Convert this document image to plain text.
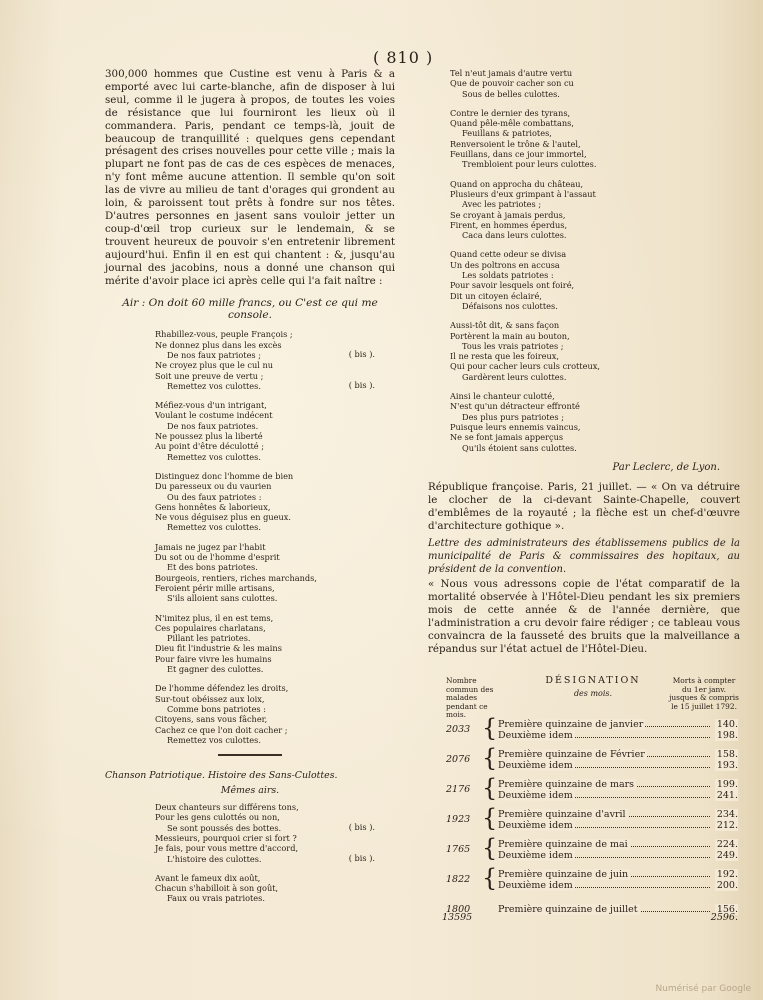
( 810 )

300,000 hommes que Custine est venu à Paris & a emporté avec lui carte-blanche, afin de disposer à lui seul, comme il le jugera à propos, de toutes les voies de résistance que lui fourniront les lieux où il commandera. Paris, pendant ce temps-là, jouit de beaucoup de tranquillité : quelques gens cependant présagent des crises nouvelles pour cette ville ; mais la plupart ne font pas de cas de ces espèces de menaces, n'y font même aucune attention. Il semble qu'on soit las de vivre au milieu de tant d'orages qui grondent au loin, & paroissent tout prêts à fondre sur nos têtes. D'autres personnes en jasent sans vouloir jetter un coup-d'œil trop curieux sur le lendemain, & se trouvent heureux de pouvoir s'en entretenir librement aujourd'hui. Enfin il en est qui chantent : &, jusqu'au journal des jacobins, nous a donné une chanson qui mérite d'avoir place ici après celle qui l'a fait naître :

Air : On doit 60 mille francs, ou C'est ce qui me console.
Rhabillez-vous, peuple François ;
Ne donnez plus dans les excès
De nos faux patriotes ;
Ne croyez plus que le cul nu
Soit une preuve de vertu ;
Remettez vos culottes.
( bis ).
( bis ).
Méfiez-vous d'un intrigant,
Voulant le costume indécent
De nos faux patriotes.
Ne poussez plus la liberté
Au point d'être déculotté ;
Remettez vos culottes.
Distinguez donc l'homme de bien
Du paresseux ou du vaurien
Ou des faux patriotes :
Gens honnêtes & laborieux,
Ne vous déguisez plus en gueux.
Remettez vos culottes.
Jamais ne jugez par l'habit
Du sot ou de l'homme d'esprit
Et des bons patriotes.
Bourgeois, rentiers, riches marchands,
Feroient périr mille artisans,
S'ils alloient sans culottes.
N'imitez plus, il en est tems,
Ces populaires charlatans,
Pillant les patriotes.
Dieu fit l'industrie & les mains
Pour faire vivre les humains
Et gagner des culottes.
De l'homme défendez les droits,
Sur-tout obéissez aux loix,
Comme bons patriotes :
Citoyens, sans vous fâcher,
Cachez ce que l'on doit cacher ;
Remettez vos culottes.
Chanson Patriotique. Histoire des Sans-Culottes.
Mêmes airs.
Deux chanteurs sur différens tons,
Pour les gens culottés ou non,
Se sont poussés des bottes.
Messieurs, pourquoi crier si fort ?
Je fais, pour vous mettre d'accord,
L'histoire des culottes.
( bis ).
( bis ).
Avant le fameux dix août,
Chacun s'habilloit à son goût,
Faux ou vrais patriotes.
Tel n'eut jamais d'autre vertu
Que de pouvoir cacher son cu
Sous de belles culottes.
Contre le dernier des tyrans,
Quand pêle-mêle combattans,
Feuillans & patriotes,
Renversoient le trône & l'autel,
Feuillans, dans ce jour immortel,
Trembloient pour leurs culottes.
Quand on approcha du château,
Plusieurs d'eux grimpant à l'assaut
Avec les patriotes ;
Se croyant à jamais perdus,
Firent, en hommes éperdus,
Caca dans leurs culottes.
Quand cette odeur se divisa
Un des poltrons en accusa
Les soldats patriotes :
Pour savoir lesquels ont foiré,
Dit un citoyen éclairé,
Défaisons nos culottes.
Aussi-tôt dit, & sans façon
Portèrent la main au bouton,
Tous les vrais patriotes ;
Il ne resta que les foireux,
Qui pour cacher leurs culs crotteux,
Gardèrent leurs culottes.
Ainsi le chanteur culotté,
N'est qu'un détracteur effronté
Des plus purs patriotes ;
Puisque leurs ennemis vaincus,
Ne se font jamais apperçus
Qu'ils étoient sans culottes.
Par Leclerc, de Lyon.

République françoise. Paris, 21 juillet. — « On va détruire le clocher de la ci-devant Sainte-Chapelle, couvert d'emblêmes de la royauté ; la flèche est un chef-d'œuvre d'architecture gothique ».

Lettre des administrateurs des établissemens publics de la municipalité de Paris & commissaires des hopitaux, au président de la convention.

« Nous vous adressons copie de l'état comparatif de la mortalité observée à l'Hôtel-Dieu pendant les six premiers mois de cette année & de l'année dernière, que l'administration a cru devoir faire rédiger ; ce tableau vous convaincra de la fausseté des bruits que la malveillance a répandus sur l'état actuel de l'Hôtel-Dieu.

Nombre commun des malades pendant ce mois.
DÉSIGNATION
des mois.
Morts à compter du 1er janv. jusques & compris le 15 juillet 1792.
2033 { Première quinzaine de janvier	140.
Deuxième idem	198.
2076 { Première quinzaine de Février	158.
Deuxième idem	193.
2176 { Première quinzaine de mars	199.
Deuxième idem	241.
1923 { Première quinzaine d'avril	234.
Deuxième idem	212.
1765 { Première quinzaine de mai	224.
Deuxième idem	249.
1822 { Première quinzaine de juin	192.
Deuxième idem	200.
1800	Première quinzaine de juillet	156.
13595	2596.
Numérisé par Google
